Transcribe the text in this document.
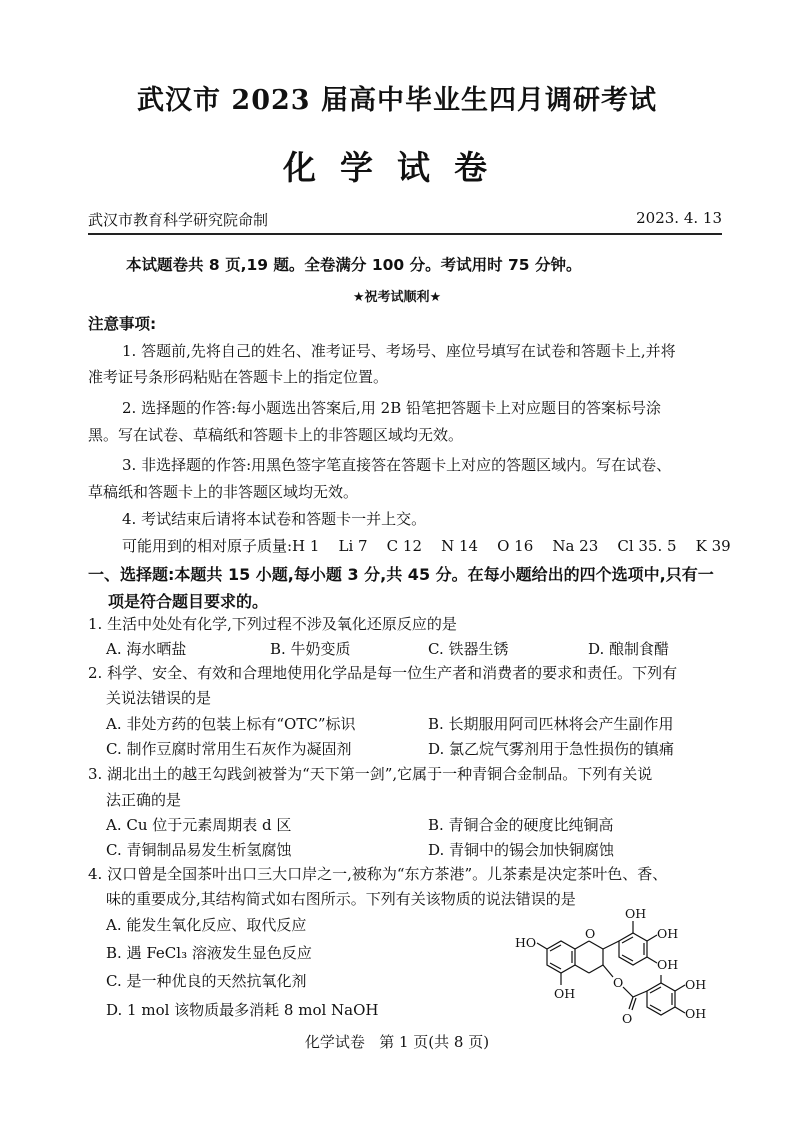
武汉市 2023 届高中毕业生四月调研考试
化学试卷
武汉市教育科学研究院命制	2023. 4. 13
本试题卷共 8 页,19 题。全卷满分 100 分。考试用时 75 分钟。
★祝考试顺利★
注意事项:
1. 答题前,先将自己的姓名、准考证号、考场号、座位号填写在试卷和答题卡上,并将
准考证号条形码粘贴在答题卡上的指定位置。
2. 选择题的作答:每小题选出答案后,用 2B 铅笔把答题卡上对应题目的答案标号涂
黑。写在试卷、草稿纸和答题卡上的非答题区域均无效。
3. 非选择题的作答:用黑色签字笔直接答在答题卡上对应的答题区域内。写在试卷、
草稿纸和答题卡上的非答题区域均无效。
4. 考试结束后请将本试卷和答题卡一并上交。
可能用到的相对原子质量:H 1    Li 7    C 12    N 14    O 16    Na 23    Cl 35. 5    K 39
一、选择题:本题共 15 小题,每小题 3 分,共 45 分。在每小题给出的四个选项中,只有一
项是符合题目要求的。
1. 生活中处处有化学,下列过程不涉及氧化还原反应的是
A. 海水晒盐	B. 牛奶变质	C. 铁器生锈	D. 酿制食醋
2. 科学、安全、有效和合理地使用化学品是每一位生产者和消费者的要求和责任。下列有
关说法错误的是
A. 非处方药的包装上标有“OTC”标识	B. 长期服用阿司匹林将会产生副作用
C. 制作豆腐时常用生石灰作为凝固剂	D. 氯乙烷气雾剂用于急性损伤的镇痛
3. 湖北出土的越王勾践剑被誉为“天下第一剑”,它属于一种青铜合金制品。下列有关说
法正确的是
A. Cu 位于元素周期表 d 区	B. 青铜合金的硬度比纯铜高
C. 青铜制品易发生析氢腐蚀	D. 青铜中的锡会加快铜腐蚀
4. 汉口曾是全国茶叶出口三大口岸之一,被称为“东方茶港”。儿茶素是决定茶叶色、香、
味的重要成分,其结构简式如右图所示。下列有关该物质的说法错误的是
A. 能发生氧化反应、取代反应
B. 遇 FeCl₃ 溶液发生显色反应
C. 是一种优良的天然抗氧化剂
D. 1 mol 该物质最多消耗 8 mol NaOH
OH
OH
HO
OH
OH
O
O
O
OH
OH
化学试卷   第 1 页(共 8 页)
